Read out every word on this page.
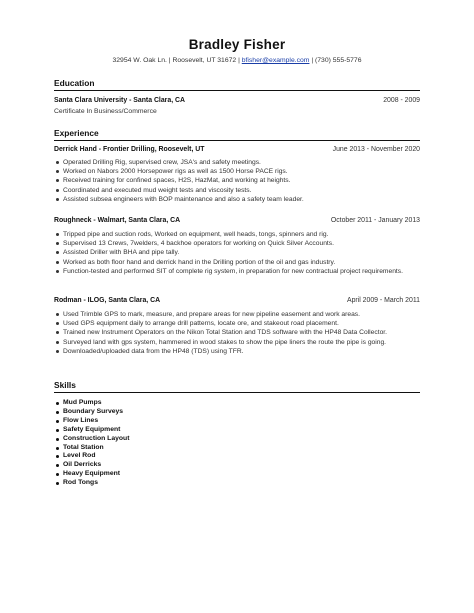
Bradley Fisher
32954 W. Oak Ln. | Roosevelt, UT 31672 | bfisher@example.com | (730) 555-5776
Education
Santa Clara University - Santa Clara, CA	2008 - 2009
Certificate In Business/Commerce
Experience
Derrick Hand - Frontier Drilling, Roosevelt, UT	June 2013 - November 2020
Operated Drilling Rig, supervised crew, JSA's and safety meetings.
Worked on Nabors 2000 Horsepower rigs as well as 1500 Horse PACE rigs.
Received training for confined spaces, H2S, HazMat, and working at heights.
Coordinated and executed mud weight tests and viscosity tests.
Assisted subsea engineers with BOP maintenance and also a safety team leader.
Roughneck - Walmart, Santa Clara, CA	October 2011 - January 2013
Tripped pipe and suction rods, Worked on equipment, well heads, tongs, spinners and rig.
Supervised 13 Crews, 7welders, 4 backhoe operators for working on Quick Silver Accounts.
Assisted Driller with BHA and pipe tally.
Worked as both floor hand and derrick hand in the Drilling portion of the oil and gas industry.
Function-tested and performed SIT of complete rig system, in preparation for new contractual project requirements.
Rodman - ILOG, Santa Clara, CA	April 2009 - March 2011
Used Trimble GPS to mark, measure, and prepare areas for new pipeline easement and work areas.
Used GPS equipment daily to arrange drill patterns, locate ore, and stakeout road placement.
Trained new Instrument Operators on the Nikon Total Station and TDS software with the HP48 Data Collector.
Surveyed land with gps system, hammered in wood stakes to show the pipe liners the route the pipe is going.
Downloaded/uploaded data from the HP48 (TDS) using TFR.
Skills
Mud Pumps
Boundary Surveys
Flow Lines
Safety Equipment
Construction Layout
Total Station
Level Rod
Oil Derricks
Heavy Equipment
Rod Tongs
